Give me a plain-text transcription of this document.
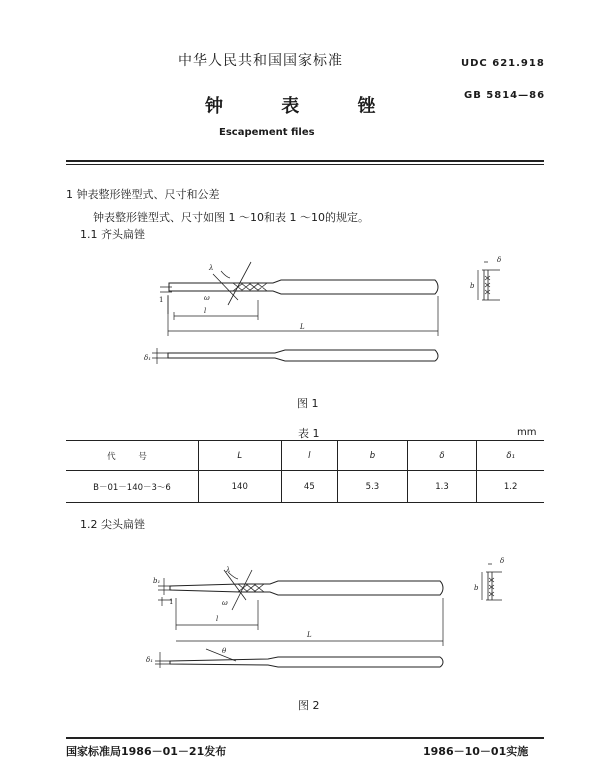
中华人民共和国国家标准	UDC 621.918
钟 表 锉
GB 5814—86
Escapement files
1 钟表整形锉型式、尺寸和公差
钟表整形锉型式、尺寸如图 1 ～10和表 1 ～10的规定。
1.1 齐头扁锉
λ
ω
1
l
L
b
δ
δ₁
图 1
表 1	mm
代 号	L	l	b	δ	δ₁
B－01－140－3～6	140	45	5.3	1.3	1.2
1.2 尖头扁锉
λ
ω
b₁
1
l
L
b
δ
δ₁
θ
图 2
国家标准局1986－01－21发布	1986－10－01实施
